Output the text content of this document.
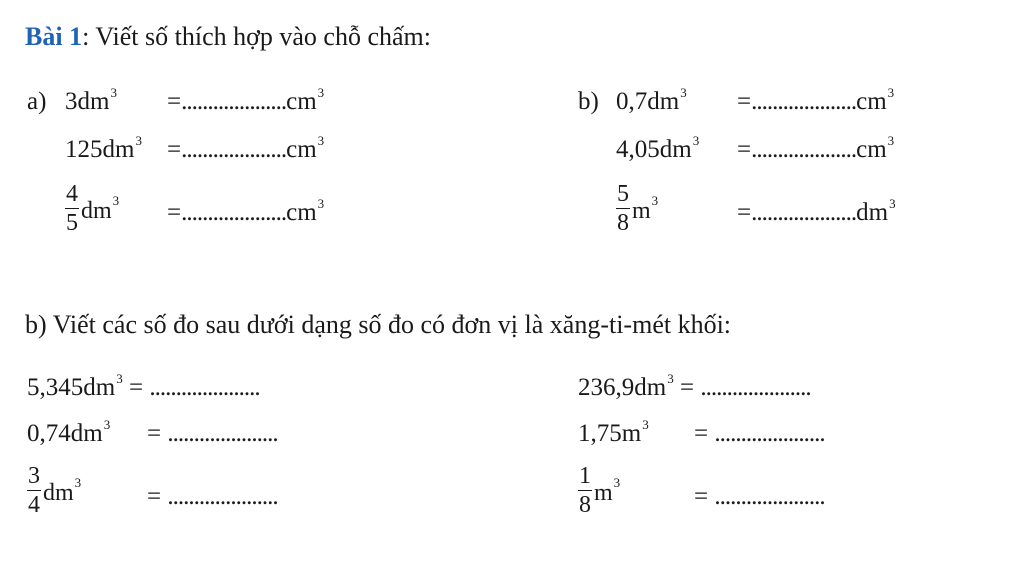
Bài 1: Viết số thích hợp vào chỗ chấm:
a) $3dm^3 =....................cm^3$
$125dm^3 =....................cm^3$
$\frac{4}{5}$ dm $3 =....................cm^3$
b) $0,7dm^3 =....................cm^3$
$4,05dm^3 =....................cm^3$
$\frac{5}{8}$ m 3	$=....................dm^3$
b) Viết các số đo sau dưới dạng số đo có đơn vị là xăng-ti-mét khối:
$5,345dm^3$ = .....................
$0,74dm^3$ = .....................
$\frac{3}{4}$ dm 3
= .....................
$236,9dm^3$ = .....................
$1,75m^3$ = .....................
$\frac{1}{8}$ m 3
= .....................
